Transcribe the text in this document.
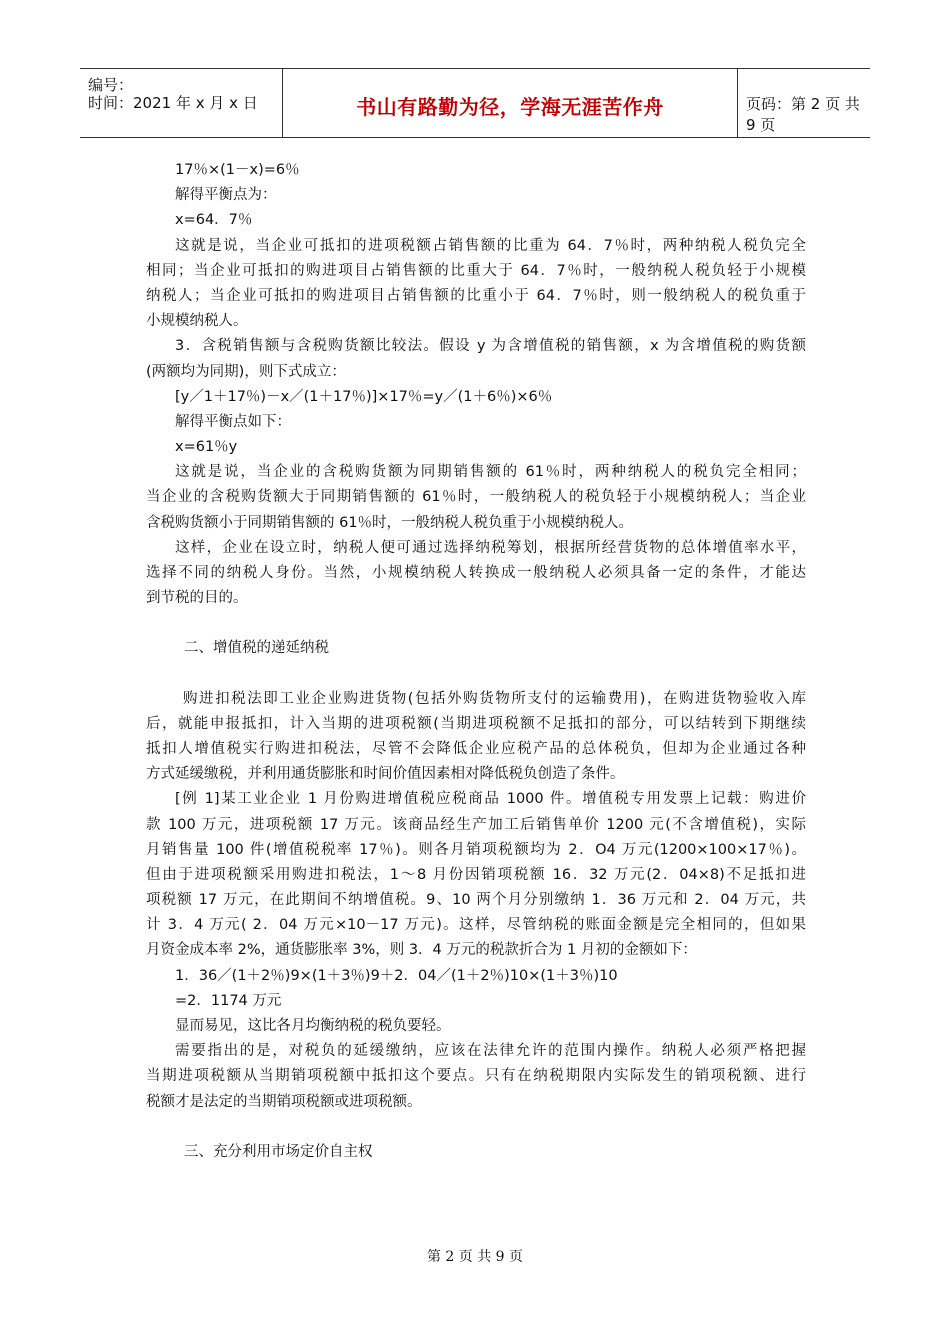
编号：
时间：2021 年 x 月 x 日	书山有路勤为径，学海无涯苦作舟	页码：第 2 页 共 9 页
17％×(1－x)=6％
解得平衡点为：
x=64．7％
这就是说，当企业可抵扣的进项税额占销售额的比重为 64．7％时，两种纳税人税负完全
相同；当企业可抵扣的购进项目占销售额的比重大于 64．7％时，一般纳税人税负轻于小规模
纳税人；当企业可抵扣的购进项目占销售额的比重小于 64．7％时，则一般纳税人的税负重于
小规模纳税人。
3．含税销售额与含税购货额比较法。假设 y 为含增值税的销售额，x 为含增值税的购货额
(两额均为同期)，则下式成立：
[y／1＋17％)－x／(1＋17％)]×17％=y／(1＋6％)×6％
解得平衡点如下：
x=61％y
这就是说，当企业的含税购货额为同期销售额的 61％时，两种纳税人的税负完全相同；
当企业的含税购货额大于同期销售额的 61％时，一般纳税人的税负轻于小规模纳税人；当企业
含税购货额小于同期销售额的 61％时，一般纳税人税负重于小规模纳税人。
这样，企业在设立时，纳税人便可通过选择纳税筹划，根据所经营货物的总体增值率水平，
选择不同的纳税人身份。当然，小规模纳税人转换成一般纳税人必须具备一定的条件，才能达
到节税的目的。
二、增值税的递延纳税
购进扣税法即工业企业购进货物(包括外购货物所支付的运输费用)，在购进货物验收入库
后，就能申报抵扣，计入当期的进项税额(当期进项税额不足抵扣的部分，可以结转到下期继续
抵扣人增值税实行购进扣税法，尽管不会降低企业应税产品的总体税负，但却为企业通过各种
方式延缓缴税，并利用通货膨胀和时间价值因素相对降低税负创造了条件。
[例 1]某工业企业 1 月份购进增值税应税商品 1000 件。增值税专用发票上记载：购进价
款 100 万元，进项税额 17 万元。该商品经生产加工后销售单价 1200 元(不含增值税)，实际
月销售量 100 件(增值税税率 17％)。则各月销项税额均为 2．O4 万元(1200×100×17％)。
但由于进项税额采用购进扣税法，1～8 月份因销项税额 16．32 万元(2．04×8)不足抵扣进
项税额 17 万元，在此期间不纳增值税。9、10 两个月分别缴纳 1．36 万元和 2．04 万元，共
计 3．4 万元( 2．04 万元×10－17 万元)。这样，尽管纳税的账面金额是完全相同的，但如果
月资金成本率 2%，通货膨胀率 3%，则 3．4 万元的税款折合为 1 月初的金额如下：
1．36／(1＋2％)9×(1＋3％)9＋2．04／(1＋2％)10×(1＋3％)10
=2．1174 万元
显而易见，这比各月均衡纳税的税负要轻。
需要指出的是，对税负的延缓缴纳，应该在法律允许的范围内操作。纳税人必须严格把握
当期进项税额从当期销项税额中抵扣这个要点。只有在纳税期限内实际发生的销项税额、进行
税额才是法定的当期销项税额或进项税额。
三、充分利用市场定价自主权
第 2 页 共 9 页
